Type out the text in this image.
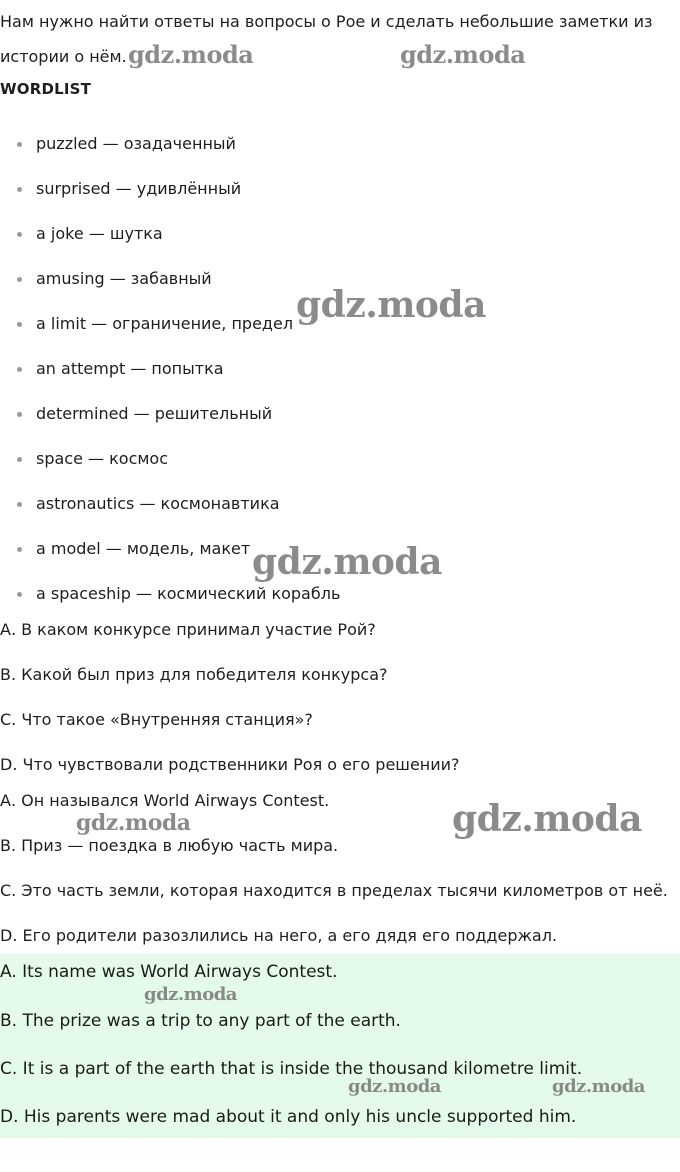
Нам нужно найти ответы на вопросы о Рое и сделать небольшие заметки из истории о нём.

WORDLIST
puzzled — озадаченный
surprised — удивлённый
a joke — шутка
amusing — забавный
a limit — ограничение, предел
an attempt — попытка
determined — решительный
space — космос
astronautics — космонавтика
a model — модель, макет
a spaceship — космический корабль

А. В каком конкурсе принимал участие Рой?

В. Какой был приз для победителя конкурса?

С. Что такое «Внутренняя станция»?

D. Что чувствовали родственники Роя о его решении?

А. Он назывался World Airways Contest.

В. Приз — поездка в любую часть мира.

С. Это часть земли, которая находится в пределах тысячи километров от неё.

D. Его родители разозлились на него, а его дядя его поддержал.

A. Its name was World Airways Contest.

B. The prize was a trip to any part of the earth.

C. It is a part of the earth that is inside the thousand kilometre limit.

D. His parents were mad about it and only his uncle supported him.

gdz.moda	gdz.moda
gdz.moda
gdz.moda
gdz.moda	gdz.moda
gdz.moda
gdz.moda	gdz.moda
